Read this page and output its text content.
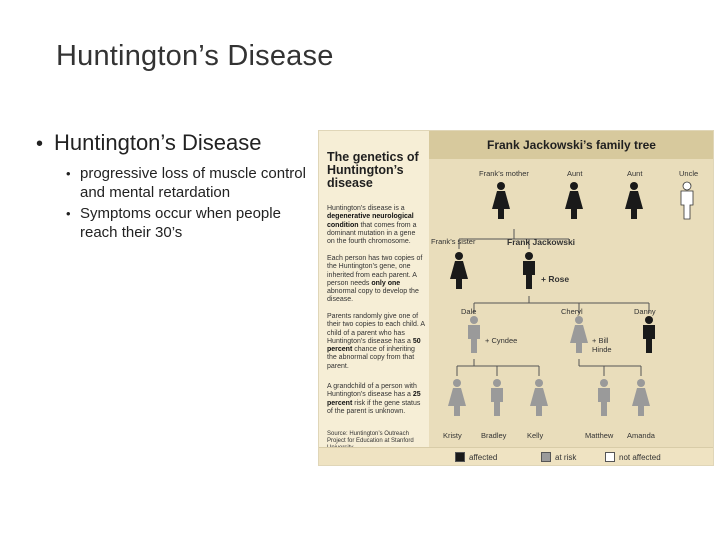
Huntington’s Disease
• Huntington’s Disease
• progressive loss of muscle control and mental retardation
• Symptoms occur when people reach their 30’s
The genetics of Huntington’s disease
Huntington’s disease is a degenerative neurological condition that comes from a dominant mutation in a gene on the fourth chromosome.
Each person has two copies of the Huntington’s gene, one inherited from each parent. A person needs only one abnormal copy to develop the disease.
Parents randomly give one of their two copies to each child. A child of a parent who has Huntington’s disease has a 50 percent chance of inheriting the abnormal copy from that parent.
A grandchild of a person with Huntington’s disease has a 25 percent risk if the gene status of the parent is unknown.
Source: Huntington’s Outreach Project for Education at Stanford
Frank Jackowski’s family tree
Frank’s mother	Aunt	Aunt	Uncle
Frank’s sister	Frank Jackowski
+ Rose
Dale	Cheryl	Danny
+ Cyndee	+ Bill Hinde
Kristy	Bradley	Kelly	Matthew Amanda
affected	at risk	not affected
